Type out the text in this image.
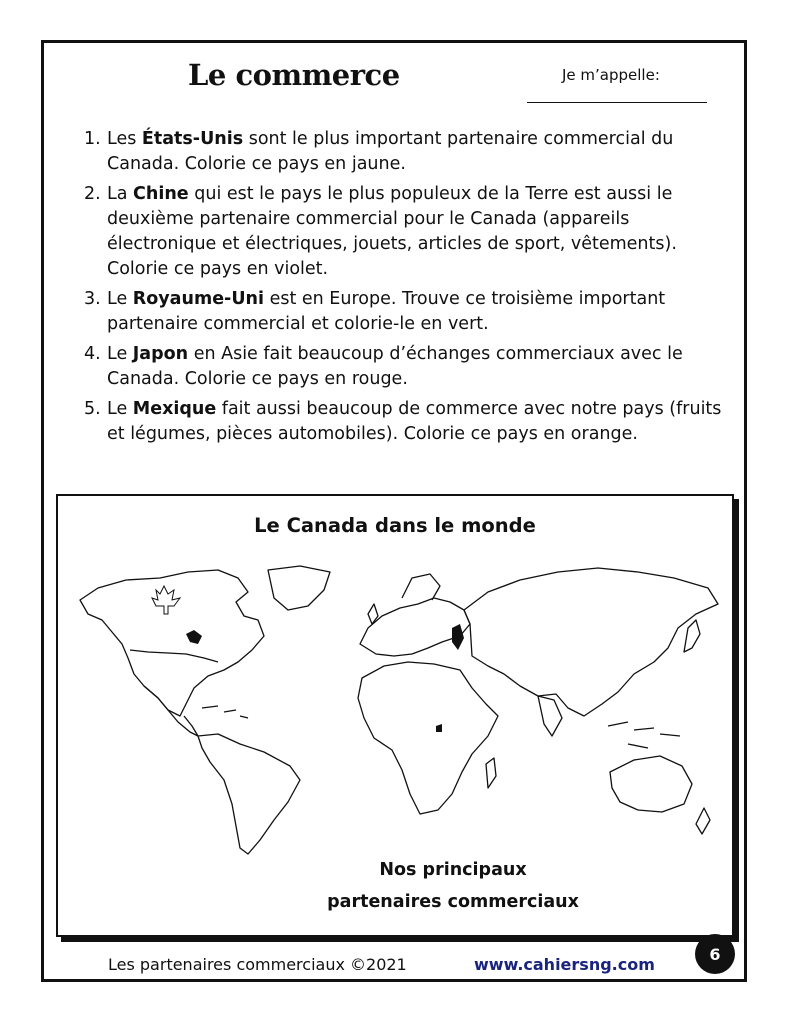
Le commerce	Je m’appelle:
1. Les États-Unis sont le plus important partenaire commercial du Canada. Colorie ce pays en jaune.
2. La Chine qui est le pays le plus populeux de la Terre est aussi le deuxième partenaire commercial pour le Canada (appareils électronique et électriques, jouets, articles de sport, vêtements). Colorie ce pays en violet.
3. Le Royaume-Uni est en Europe. Trouve ce troisième important partenaire commercial et colorie-le en vert.
4. Le Japon en Asie fait beaucoup d’échanges commerciaux avec le Canada. Colorie ce pays en rouge.
5. Le Mexique fait aussi beaucoup de commerce avec notre pays (fruits et légumes, pièces automobiles). Colorie ce pays en orange.
Le Canada dans le monde
Nos principaux
partenaires commerciaux
Les partenaires commerciaux ©2021	www.cahiersng.com
6
